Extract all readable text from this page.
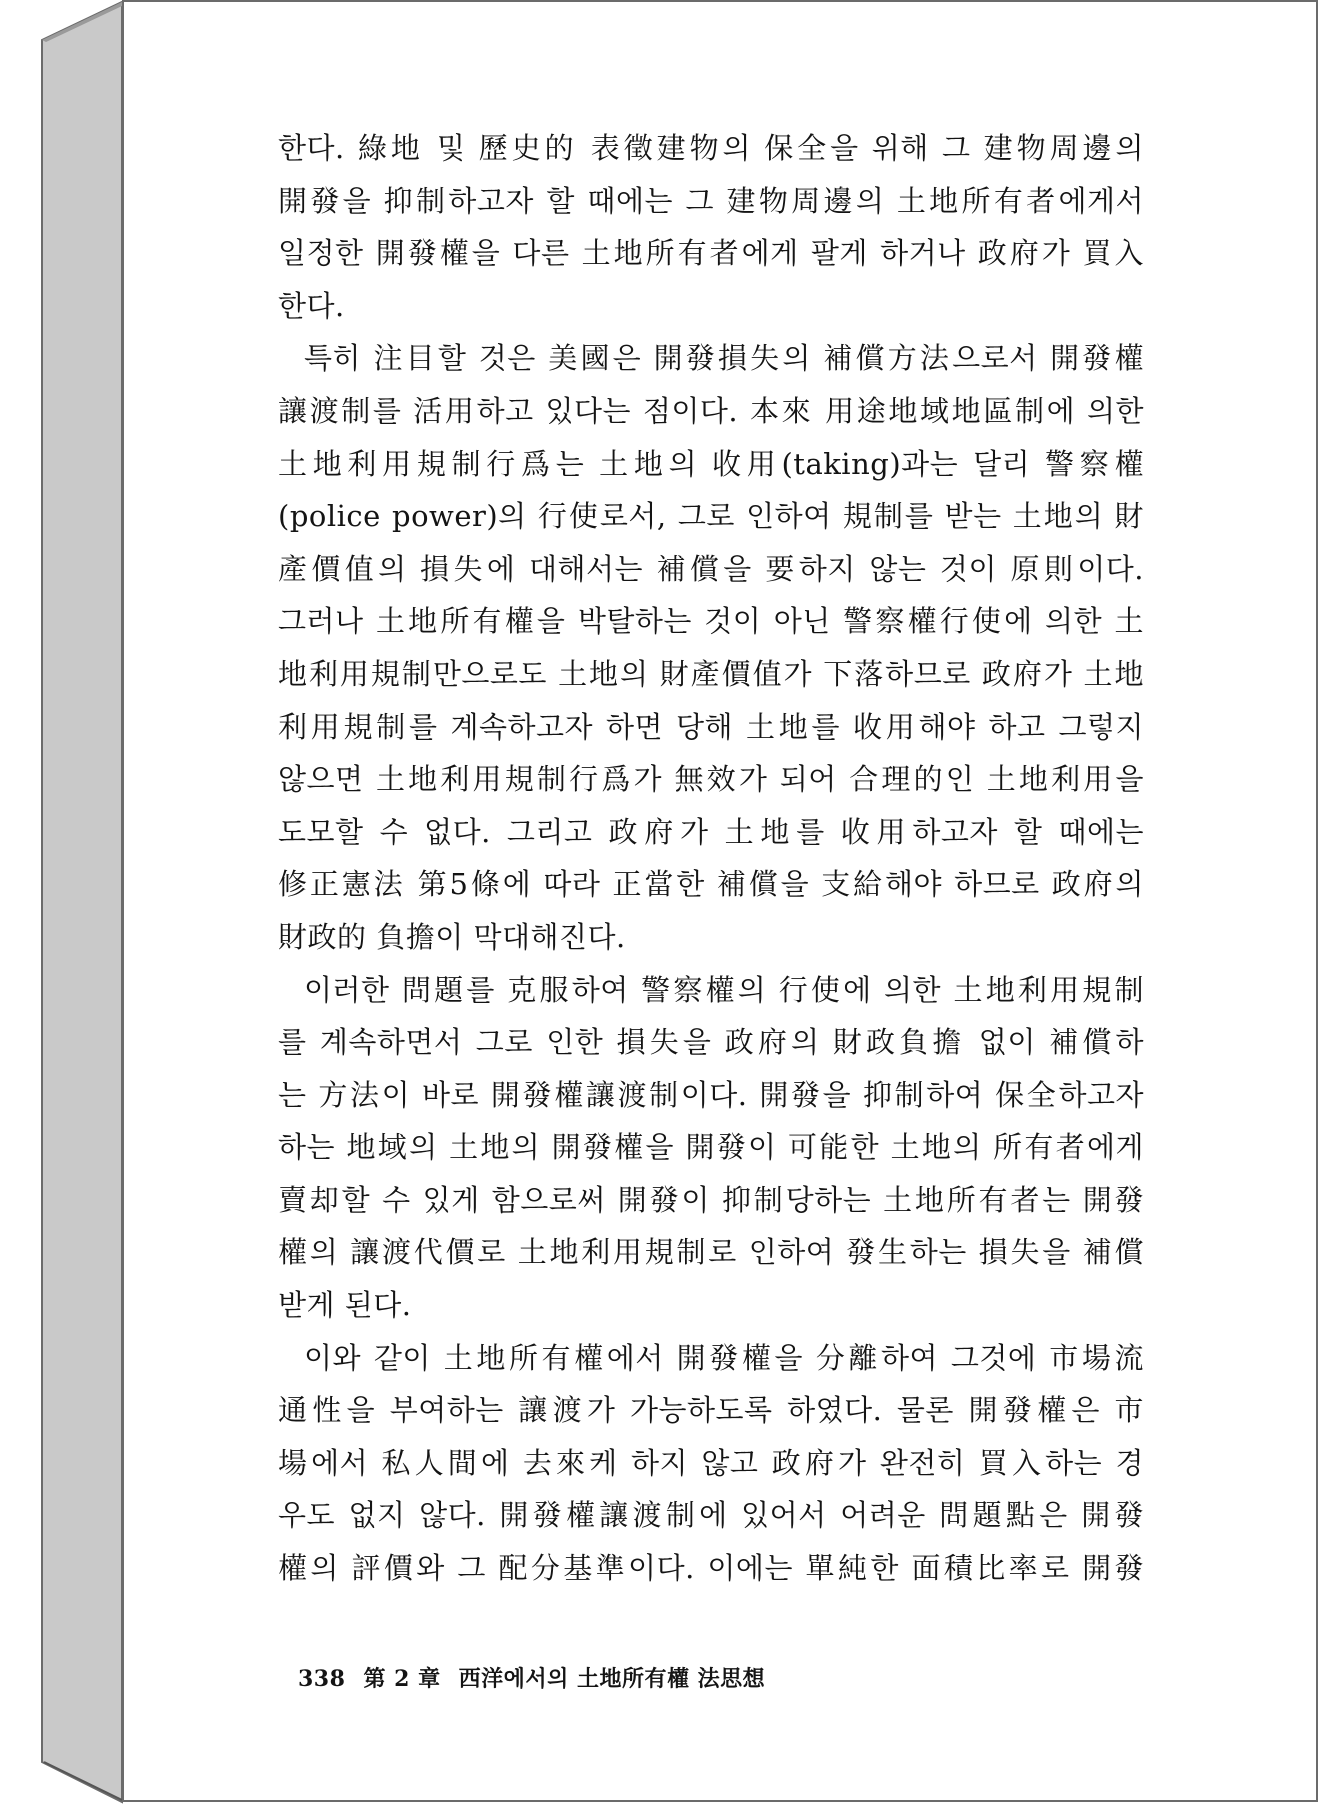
한다. 綠地 및 歷史的 表徵建物의 保全을 위해 그 建物周邊의
開發을 抑制하고자 할 때에는 그 建物周邊의 土地所有者에게서
일정한 開發權을 다른 土地所有者에게 팔게 하거나 政府가 買入
한다.
특히 注目할 것은 美國은 開發損失의 補償方法으로서 開發權
讓渡制를 活用하고 있다는 점이다. 本來 用途地域地區制에 의한
土地利用規制行爲는 土地의 收用(taking)과는 달리 警察權
(police power)의 行使로서, 그로 인하여 規制를 받는 土地의 財
產價值의 損失에 대해서는 補償을 要하지 않는 것이 原則이다.
그러나 土地所有權을 박탈하는 것이 아닌 警察權行使에 의한 土
地利用規制만으로도 土地의 財產價值가 下落하므로 政府가 土地
利用規制를 계속하고자 하면 당해 土地를 收用해야 하고 그렇지
않으면 土地利用規制行爲가 無效가 되어 合理的인 土地利用을
도모할 수 없다. 그리고 政府가 土地를 收用하고자 할 때에는
修正憲法 第5條에 따라 正當한 補償을 支給해야 하므로 政府의
財政的 負擔이 막대해진다.
이러한 問題를 克服하여 警察權의 行使에 의한 土地利用規制
를 계속하면서 그로 인한 損失을 政府의 財政負擔 없이 補償하
는 方法이 바로 開發權讓渡制이다. 開發을 抑制하여 保全하고자
하는 地域의 土地의 開發權을 開發이 可能한 土地의 所有者에게
賣却할 수 있게 함으로써 開發이 抑制당하는 土地所有者는 開發
權의 讓渡代價로 土地利用規制로 인하여 發生하는 損失을 補償
받게 된다.
이와 같이 土地所有權에서 開發權을 分離하여 그것에 市場流
通性을 부여하는 讓渡가 가능하도록 하였다. 물론 開發權은 市
場에서 私人間에 去來케 하지 않고 政府가 완전히 買入하는 경
우도 없지 않다. 開發權讓渡制에 있어서 어려운 問題點은 開發
權의 評價와 그 配分基準이다. 이에는 單純한 面積比率로 開發
338 第 2 章 西洋에서의 土地所有權 法思想
